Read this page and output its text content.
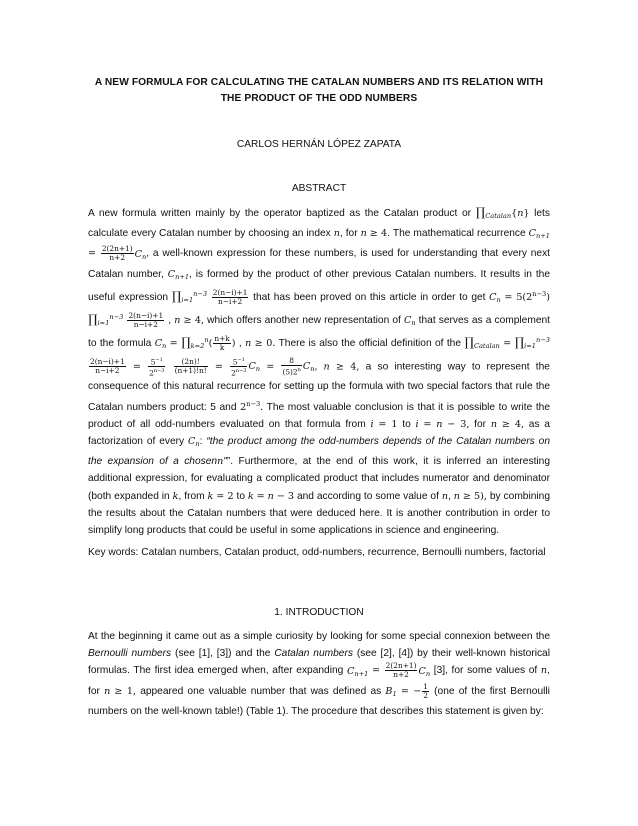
A NEW FORMULA FOR CALCULATING THE CATALAN NUMBERS AND ITS RELATION WITH THE PRODUCT OF THE ODD NUMBERS
CARLOS HERNÁN LÓPEZ ZAPATA
ABSTRACT
A new formula written mainly by the operator baptized as the Catalan product or $\prod_{Catalan}\{n\}$ lets calculate every Catalan number by choosing an index n, for n ≥ 4. The mathematical recurrence $C_{n+1} = \frac{2(2n+1)}{n+2} C_n$, a well-known expression for these numbers, is used for understanding that every next Catalan number, $C_{n+1}$, is formed by the product of other previous Catalan numbers. It results in the useful expression $\prod_{i=1}^{n-3} \frac{2(n-i)+1}{n-i+2}$ that has been proved on this article in order to get $C_n = 5(2^{n-3})$ $\prod_{i=1}^{n-3} \frac{2(n-i)+1}{n-i+2}$ , n ≥ 4, which offers another new representation of $C_n$ that serves as a complement to the formula $C_n$ = $\prod_{k=2}^n( \frac{n+k}{k}$ ) , n ≥ 0. There is also the official definition of the $\prod_{Catalan}$ = $\prod_{i=1}^{n-3}$
$\frac{2(n-i)+1}{n-i+2} = \frac{5^{-1}}{2^{n-3}}$
$\frac{(2n)!}{(n+1)!n!} = \frac{5^{-1}}{2^{n-3}} C_n = \frac{8}{(5)2^n} C_n$, n ≥ 4, a so interesting way to represent the consequence of this natural recurrence for setting up the formula with two special factors that rule the Catalan numbers product: 5 and $2^{n-3}$. The most valuable conclusion is that it is possible to write the product of all odd-numbers evaluated on that formula from i = 1 to i = n − 3, for n ≥ 4, as a factorization of every $C_n$: “the product among the odd-numbers depends of the Catalan numbers on the expansion of a chosenn"”. Furthermore, at the end of this work, it is inferred an interesting additional expression, for evaluating a complicated product that includes numerator and denominator (both expanded in k, from k = 2 to k = n − 3 and according to some value of n, n ≥ 5), by combining the results about the Catalan numbers that were deduced here. It is another contribution in order to simplify long products that could be useful in some applications in science and engineering.
Key words: Catalan numbers, Catalan product, odd-numbers, recurrence, Bernoulli numbers, factorial
1. INTRODUCTION
At the beginning it came out as a simple curiosity by looking for some special connexion between the Bernoulli numbers (see [1], [3]) and the Catalan numbers (see [2], [4]) by their well-known historical formulas. The first idea emerged when, after expanding $C_{n+1} = \frac{2(2n+1)}{n+2} C_n$ [3], for some values of n, for n ≥ 1, appeared one valuable number that was defined as $B_1$ = − $\frac{1}{2} (one$ of the first Bernoulli numbers on the well-known table!) (Table 1). The procedure that describes this statement is given by:
